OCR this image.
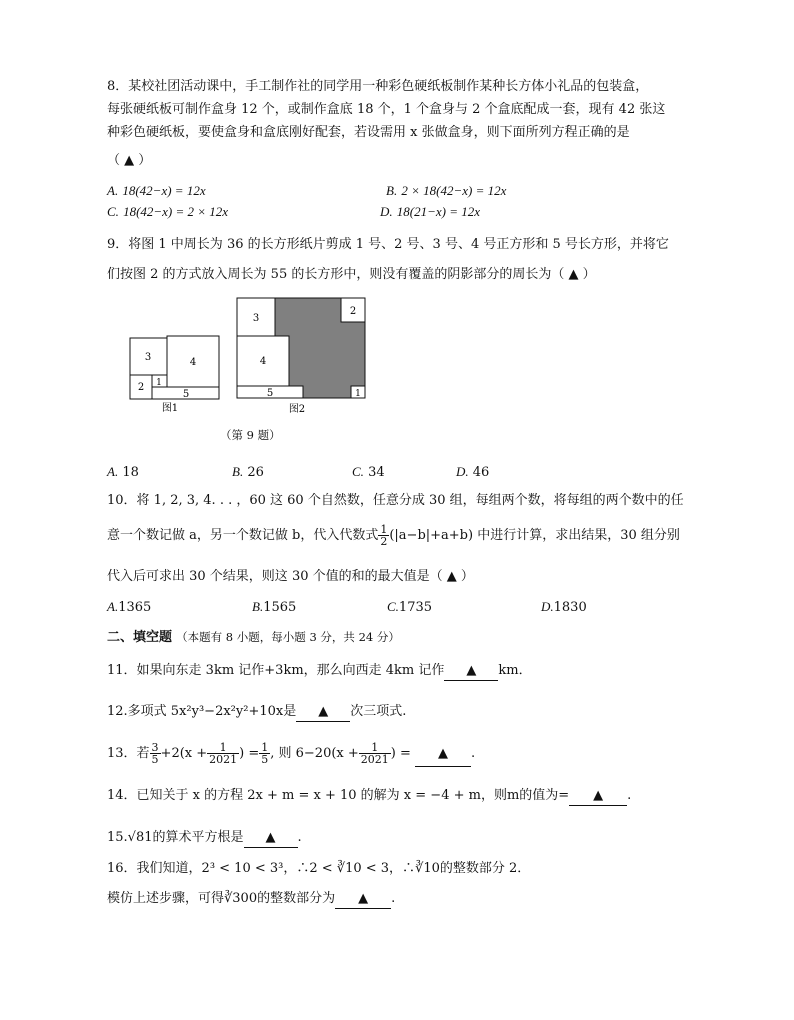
8．某校社团活动课中，手工制作社的同学用一种彩色硬纸板制作某种长方体小礼品的包装盒，
每张硬纸板可制作盒身 12 个，或制作盒底 18 个，1 个盒身与 2 个盒底配成一套，现有 42 张这
种彩色硬纸板，要使盒身和盒底刚好配套，若设需用 x 张做盒身，则下面所列方程正确的是
（ ▲ ）
A. 18(42−x) = 12x	B. 2 × 18(42−x) = 12x
C. 18(42−x) = 2 × 12x	D. 18(21−x) = 12x
9．将图 1 中周长为 36 的长方形纸片剪成 1 号、2 号、3 号、4 号正方形和 5 号长方形，并将它
们按图 2 的方式放入周长为 55 的长方形中，则没有覆盖的阴影部分的周长为（ ▲ ）
3	4
2 1
5
图1
3
2
4
5	1
图2
（第 9 题）
A. 18	B. 26	C. 34	D. 46
10．将 1, 2, 3, 4. . . ，60 这 60 个自然数，任意分成 30 组，每组两个数，将每组的两个数中的任
意一个数记做 a，另一个数记做 b，代入代数式 $\frac{1}{2} (|a-b|+a+b)$ 中进行计算，求出结果，30 组分别
代入后可求出 30 个结果，则这 30 个值的和的最大值是（ ▲ ）
A.1365	B.1565	C.1735	D.1830
二、填空题 （本题有 8 小题，每小题 3 分，共 24 分）
11．如果向东走 3km 记作+3km，那么向西走 4km 记作 ▲ km．
12.多项式 5x²y³−2x²y²+10x是 ▲ 次三项式.
13．若 $\frac{3}{5} +2(x + \frac{1}{2021}$ ) = $\frac{1}{5}$ , 则 $6-20(x + \frac{1}{2021}$ ) = ▲ .
14．已知关于 x 的方程 2x + m = x + 10 的解为 x = −4 + m，则m的值为= ▲ .
15.√81的算术平方根是 ▲ .
16．我们知道，2³ < 10 < 3³，∴2 < ∛10 < 3，∴∛10的整数部分 2．
模仿上述步骤，可得∛300的整数部分为 ▲ .
